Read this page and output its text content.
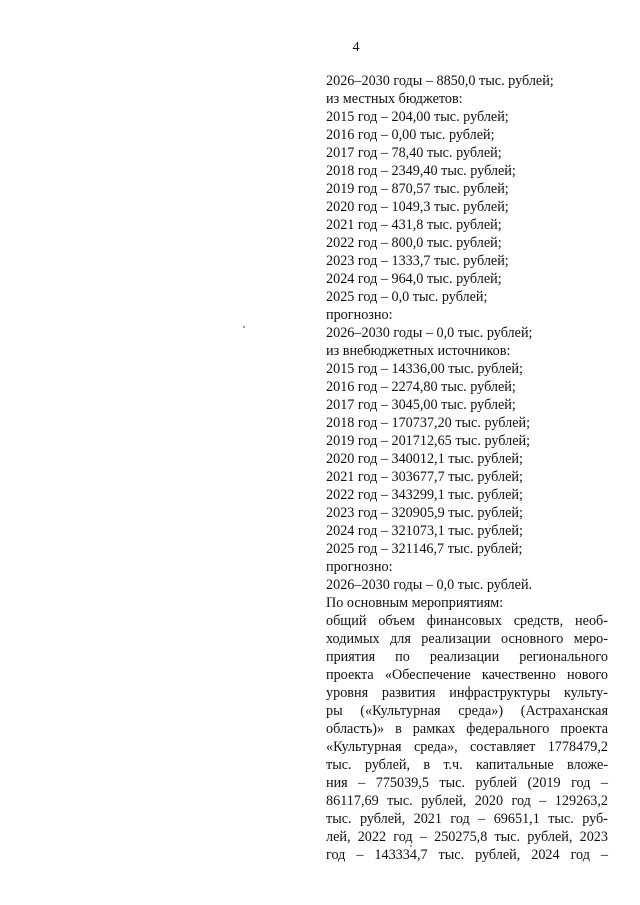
4
2026–2030 годы – 8850,0 тыс. рублей;
из местных бюджетов:
2015 год – 204,00 тыс. рублей;
2016 год – 0,00 тыс. рублей;
2017 год – 78,40 тыс. рублей;
2018 год – 2349,40 тыс. рублей;
2019 год – 870,57 тыс. рублей;
2020 год – 1049,3 тыс. рублей;
2021 год – 431,8 тыс. рублей;
2022 год – 800,0 тыс. рублей;
2023 год – 1333,7 тыс. рублей;
2024 год – 964,0 тыс. рублей;
2025 год – 0,0 тыс. рублей;
прогнозно:
2026–2030 годы – 0,0 тыс. рублей;
из внебюджетных источников:
2015 год – 14336,00 тыс. рублей;
2016 год – 2274,80 тыс. рублей;
2017 год – 3045,00 тыс. рублей;
2018 год – 170737,20 тыс. рублей;
2019 год – 201712,65 тыс. рублей;
2020 год – 340012,1 тыс. рублей;
2021 год – 303677,7 тыс. рублей;
2022 год – 343299,1 тыс. рублей;
2023 год – 320905,9 тыс. рублей;
2024 год – 321073,1 тыс. рублей;
2025 год – 321146,7 тыс. рублей;
прогнозно:
2026–2030 годы – 0,0 тыс. рублей.
По основным мероприятиям:
общий объем финансовых средств, необ-
ходимых для реализации основного меро-
приятия по реализации регионального
проекта «Обеспечение качественно нового
уровня развития инфраструктуры культу-
ры («Культурная среда») (Астраханская
область)» в рамках федерального проекта
«Культурная среда», составляет 1778479,2
тыс. рублей, в т.ч. капитальные вложе-
ния – 775039,5 тыс. рублей (2019 год –
86117,69 тыс. рублей, 2020 год – 129263,2
тыс. рублей, 2021 год – 69651,1 тыс. руб-
лей, 2022 год – 250275,8 тыс. рублей, 2023
год – 143334,7 тыс. рублей, 2024 год –
